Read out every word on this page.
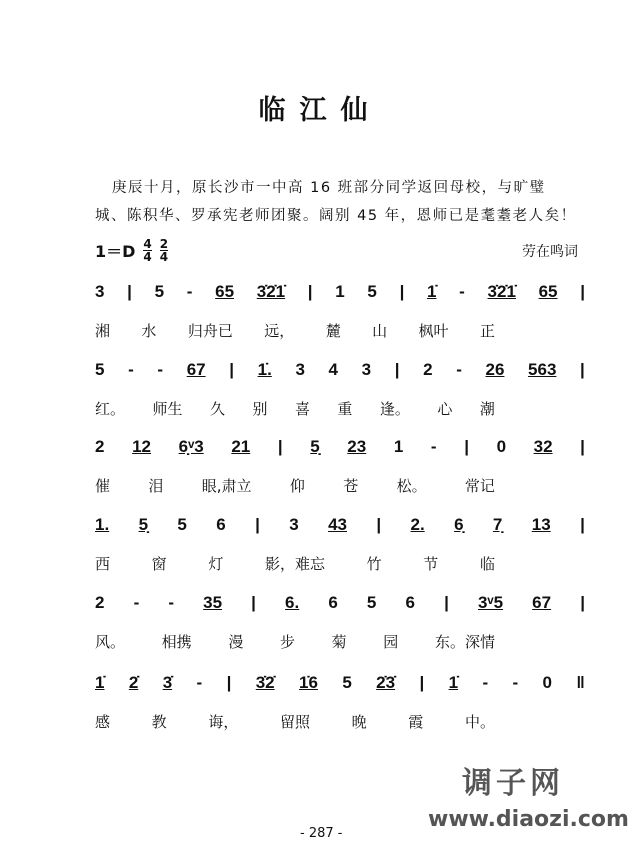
临江仙
庚辰十月，原长沙市一中高 16 班部分同学返回母校，与旷璧
城、陈积华、罗承宪老师团聚。阔别 45 年，恩师已是耄耋老人矣！
$1=D \frac{4}{4} \frac{2}{4}$	劳在鸣词
3 | 5 - 65 3̇2̇1̇ | 1 5 | 1̇ - 3̇2̇1̇ 65 |
湘 水 归舟已 远， 麓 山 枫叶 正
5 - - 67 | 1̇. 3 4 3 | 2 - 26 563 |
红。 师生 久 别 喜 重 逢。 心 潮
2 12 6̣ᵛ3 21 | 5̣ 23 1 - | 0 32 |
催	泪	眼,肃立	仰	苍	松。	常记
1. 5̣ 5 6 | 3 43 | 2. 6̣ 7̣ 13 |
西	窗	灯	影，难忘	竹	节	临
2 - - 35 | 6. 6 5 6 | 3ᵛ5 67 |
风。 相携 漫 步 菊 园 东。深情
1̇ 2̇ 3̇ - | 3̇2̇ 1̇6 5 2̇3̇ | 1̇ - - 0 ‖
感	教	诲，	留照	晚	霞	中。
调子网
www.diaozi.com
- 287 -
